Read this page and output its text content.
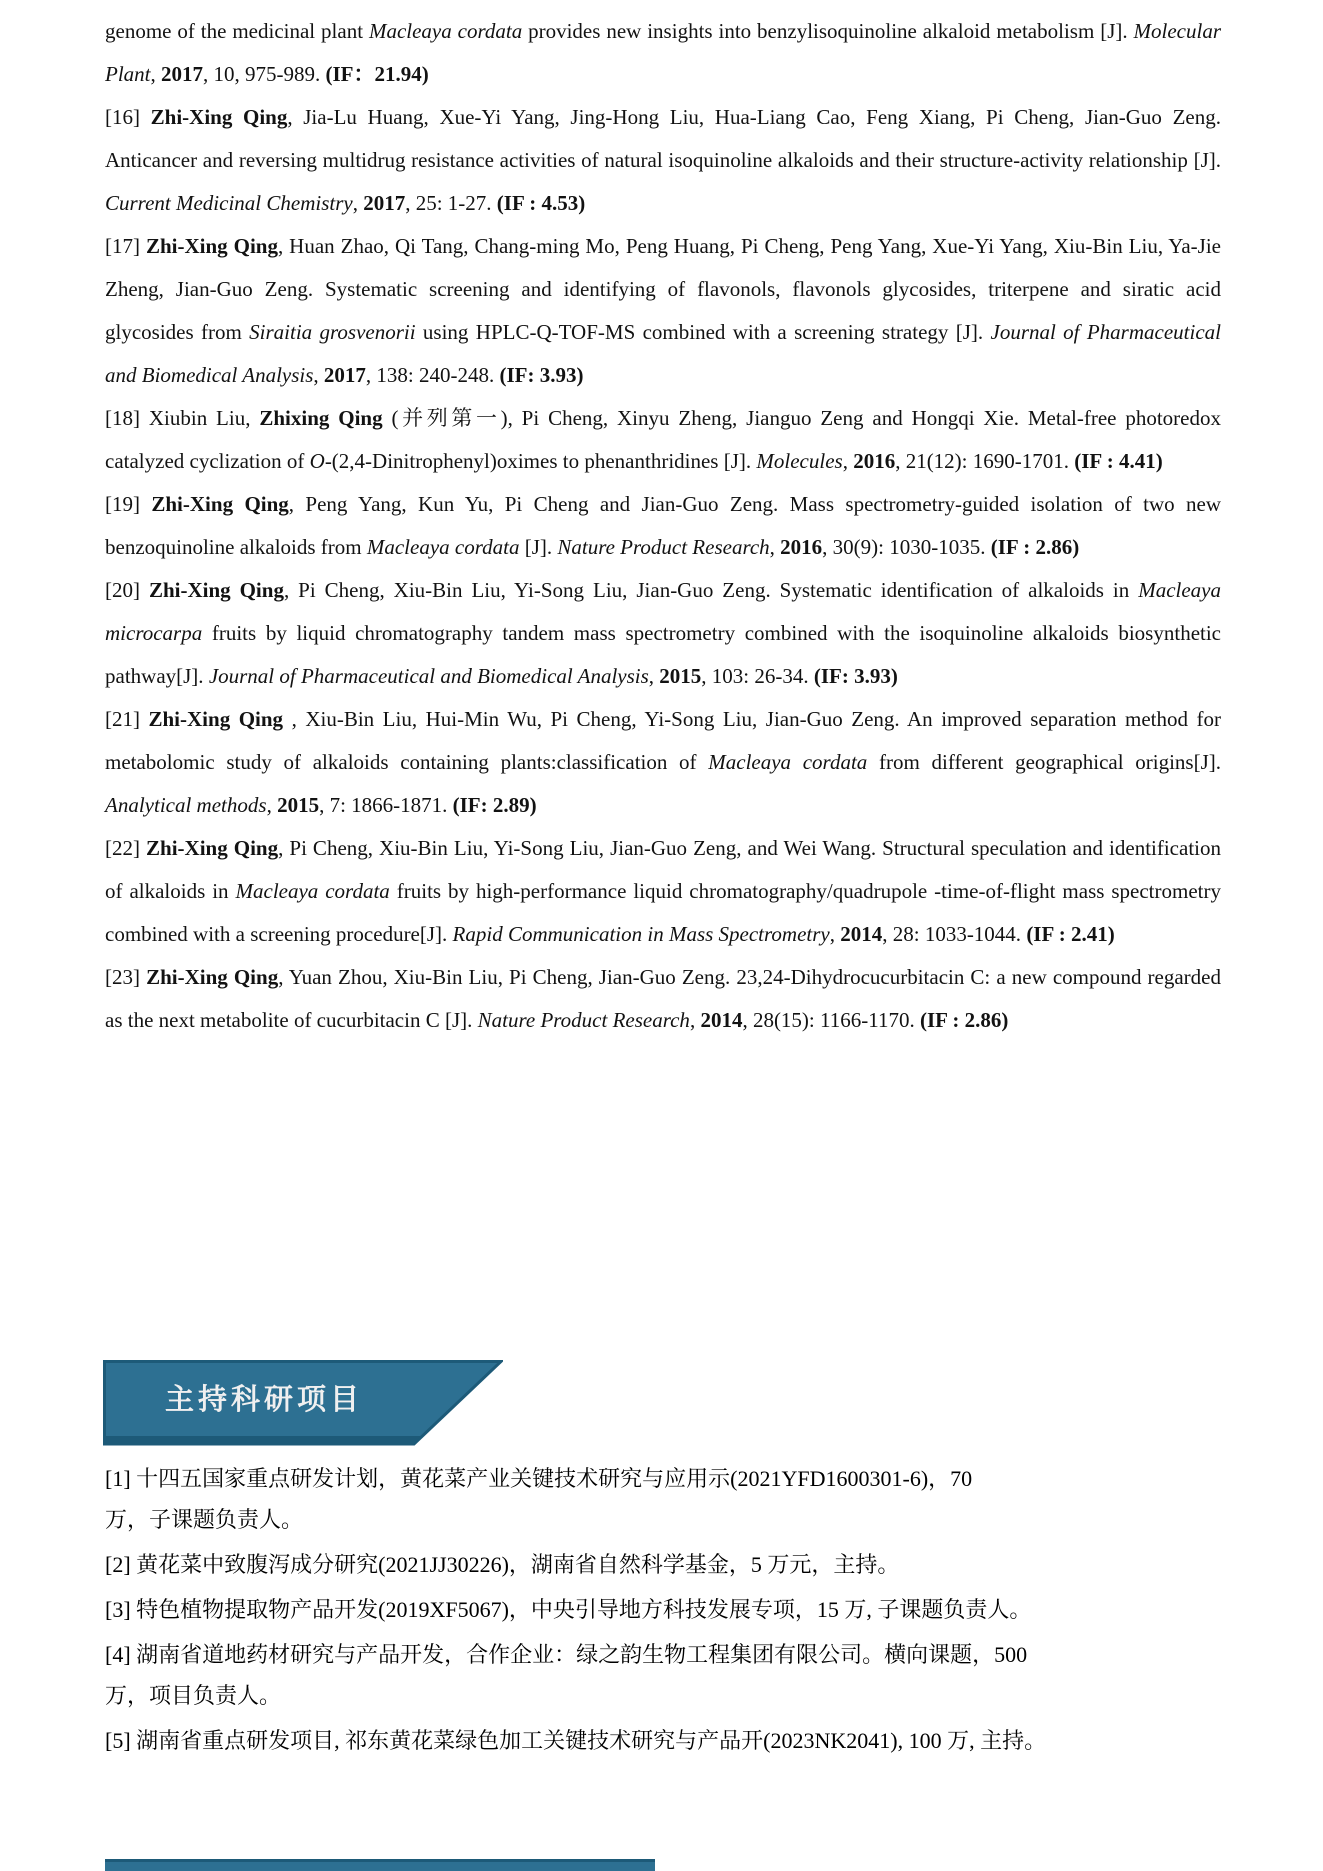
genome of the medicinal plant Macleaya cordata provides new insights into benzylisoquinoline alkaloid metabolism [J]. Molecular Plant, 2017, 10, 975-989. (IF：21.94)

[16] Zhi-Xing Qing, Jia-Lu Huang, Xue-Yi Yang, Jing-Hong Liu, Hua-Liang Cao, Feng Xiang, Pi Cheng, Jian-Guo Zeng. Anticancer and reversing multidrug resistance activities of natural isoquinoline alkaloids and their structure-activity relationship [J]. Current Medicinal Chemistry, 2017, 25: 1-27. (IF : 4.53)

[17] Zhi-Xing Qing, Huan Zhao, Qi Tang, Chang-ming Mo, Peng Huang, Pi Cheng, Peng Yang, Xue-Yi Yang, Xiu-Bin Liu, Ya-Jie Zheng, Jian-Guo Zeng. Systematic screening and identifying of flavonols, flavonols glycosides, triterpene and siratic acid glycosides from Siraitia grosvenorii using HPLC-Q-TOF-MS combined with a screening strategy [J]. Journal of Pharmaceutical and Biomedical Analysis, 2017, 138: 240-248. (IF: 3.93)

[18] Xiubin Liu, Zhixing Qing (并列第一), Pi Cheng, Xinyu Zheng, Jianguo Zeng and Hongqi Xie. Metal-free photoredox catalyzed cyclization of O-(2,4-Dinitrophenyl)oximes to phenanthridines [J]. Molecules, 2016, 21(12): 1690-1701. (IF : 4.41)

[19] Zhi-Xing Qing, Peng Yang, Kun Yu, Pi Cheng and Jian-Guo Zeng. Mass spectrometry-guided isolation of two new benzoquinoline alkaloids from Macleaya cordata [J]. Nature Product Research, 2016, 30(9): 1030-1035. (IF : 2.86)

[20] Zhi-Xing Qing, Pi Cheng, Xiu-Bin Liu, Yi-Song Liu, Jian-Guo Zeng. Systematic identification of alkaloids in Macleaya microcarpa fruits by liquid chromatography tandem mass spectrometry combined with the isoquinoline alkaloids biosynthetic pathway[J]. Journal of Pharmaceutical and Biomedical Analysis, 2015, 103: 26-34. (IF: 3.93)

[21] Zhi-Xing Qing , Xiu-Bin Liu, Hui-Min Wu, Pi Cheng, Yi-Song Liu, Jian-Guo Zeng. An improved separation method for metabolomic study of alkaloids containing plants:classification of Macleaya cordata from different geographical origins[J]. Analytical methods, 2015, 7: 1866-1871. (IF: 2.89)

[22] Zhi-Xing Qing, Pi Cheng, Xiu-Bin Liu, Yi-Song Liu, Jian-Guo Zeng, and Wei Wang. Structural speculation and identification of alkaloids in Macleaya cordata fruits by high-performance liquid chromatography/quadrupole -time-of-flight mass spectrometry combined with a screening procedure[J]. Rapid Communication in Mass Spectrometry, 2014, 28: 1033-1044. (IF : 2.41)

[23] Zhi-Xing Qing, Yuan Zhou, Xiu-Bin Liu, Pi Cheng, Jian-Guo Zeng. 23,24-Dihydrocucurbitacin C: a new compound regarded as the next metabolite of cucurbitacin C [J]. Nature Product Research, 2014, 28(15): 1166-1170. (IF : 2.86)

主持科研项目

[1] 十四五国家重点研发计划，黄花菜产业关键技术研究与应用示(2021YFD1600301-6)，70
万，子课题负责人。

[2] 黄花菜中致腹泻成分研究(2021JJ30226)，湖南省自然科学基金，5 万元，主持。

[3] 特色植物提取物产品开发(2019XF5067)，中央引导地方科技发展专项，15 万, 子课题负责人。

[4] 湖南省道地药材研究与产品开发，合作企业：绿之韵生物工程集团有限公司。横向课题，500
万，项目负责人。

[5] 湖南省重点研发项目, 祁东黄花菜绿色加工关键技术研究与产品开(2023NK2041), 100 万, 主持。
